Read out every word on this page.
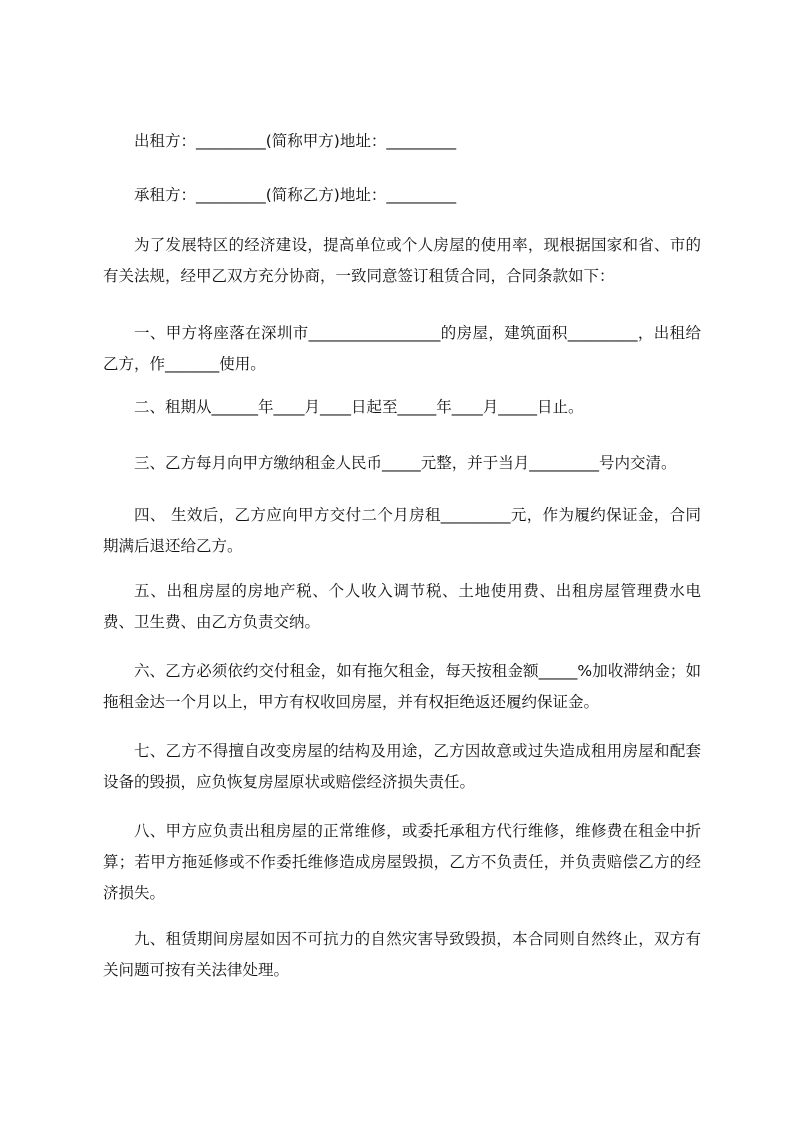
出租方：_________(简称甲方)地址：_________

承租方：_________(简称乙方)地址：_________

为了发展特区的经济建设，提高单位或个人房屋的使用率，现根据国家和省、市的有关法规，经甲乙双方充分协商，一致同意签订租赁合同，合同条款如下：

一、甲方将座落在深圳市_________________的房屋，建筑面积_________，出租给乙方，作_______使用。

二、租期从______年____月____日起至_____年____月_____日止。

三、乙方每月向甲方缴纳租金人民币_____元整，并于当月_________号内交清。

四、 生效后，乙方应向甲方交付二个月房租_________元，作为履约保证金，合同期满后退还给乙方。

五、出租房屋的房地产税、个人收入调节税、土地使用费、出租房屋管理费水电费、卫生费、由乙方负责交纳。

六、乙方必须依约交付租金，如有拖欠租金，每天按租金额_____%加收滞纳金；如拖租金达一个月以上，甲方有权收回房屋，并有权拒绝返还履约保证金。

七、乙方不得擅自改变房屋的结构及用途，乙方因故意或过失造成租用房屋和配套设备的毁损，应负恢复房屋原状或赔偿经济损失责任。

八、甲方应负责出租房屋的正常维修，或委托承租方代行维修，维修费在租金中折算；若甲方拖延修或不作委托维修造成房屋毁损，乙方不负责任，并负责赔偿乙方的经济损失。

九、租赁期间房屋如因不可抗力的自然灾害导致毁损，本合同则自然终止，双方有关问题可按有关法律处理。
